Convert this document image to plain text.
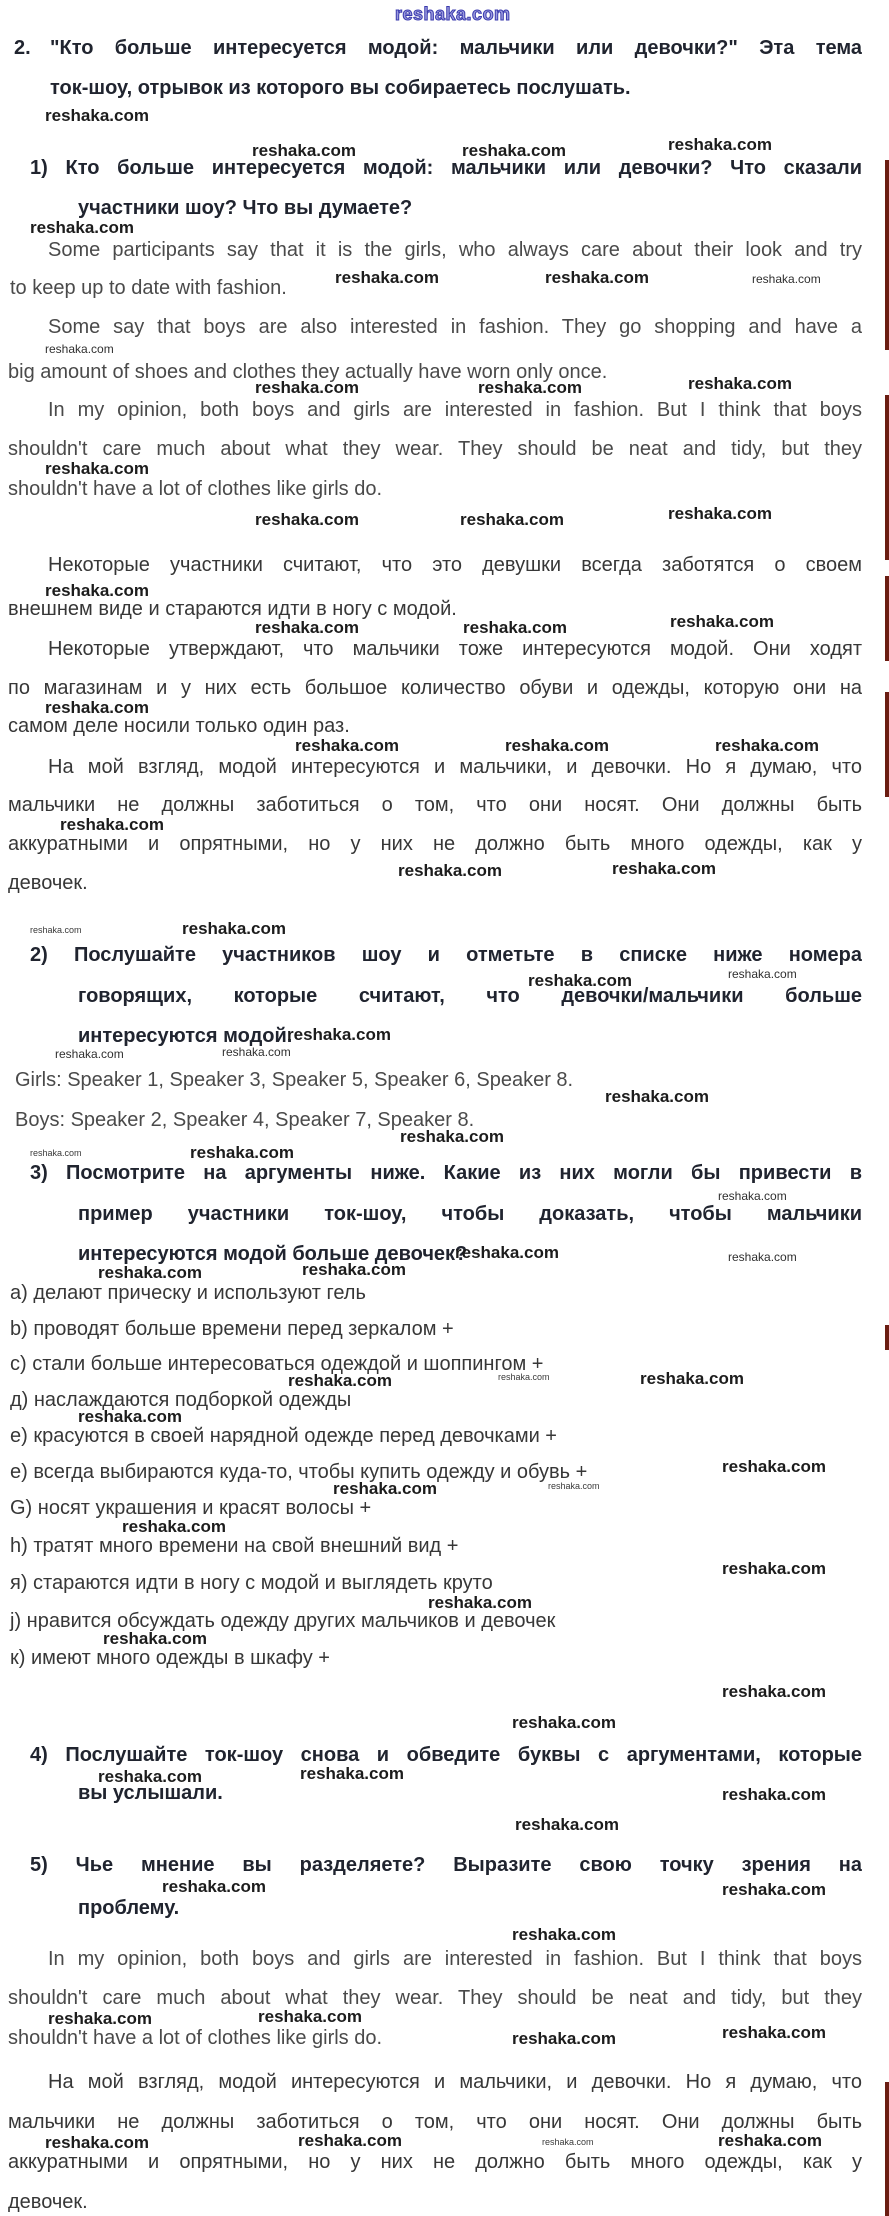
reshaka.com
2. "Кто больше интересуется модой: мальчики или девочки?" Эта тема
ток-шоу, отрывок из которого вы собираетесь послушать.
reshaka.com
reshaka.com	reshaka.com	reshaka.com
1) Кто больше интересуется модой: мальчики или девочки? Что сказали
участники шоу? Что вы думаете?
reshaka.com
Some participants say that it is the girls, who always care about their look and try
to keep up to date with fashion.	reshaka.com	reshaka.com	reshaka.com
Some say that boys are also interested in fashion. They go shopping and have a
reshaka.com
big amount of shoes and clothes they actually have worn only once.
reshaka.com	reshaka.com	reshaka.com
In my opinion, both boys and girls are interested in fashion. But I think that boys
shouldn't care much about what they wear. They should be neat and tidy, but they
reshaka.com
shouldn't have a lot of clothes like girls do.
reshaka.com	reshaka.com	reshaka.com
Некоторые участники считают, что это девушки всегда заботятся о своем
reshaka.com
внешнем виде и стараются идти в ногу с модой.
reshaka.com	reshaka.com	reshaka.com
Некоторые утверждают, что мальчики тоже интересуются модой. Они ходят
по магазинам и у них есть большое количество обуви и одежды, которую они на
reshaka.com
самом деле носили только один раз.
reshaka.com	reshaka.com	reshaka.com
На мой взгляд, модой интересуются и мальчики, и девочки. Но я думаю, что
мальчики не должны заботиться о том, что они носят. Они должны быть
reshaka.com
аккуратными и опрятными, но у них не должно быть много одежды, как у
девочек.
reshaka.com	reshaka.com
reshaka.com	reshaka.com
2) Послушайте участников шоу и отметьте в списке ниже номера
reshaka.com	reshaka.com
говорящих, которые считают, что девочки/мальчики больше
интересуются модой.
reshaka.com
reshaka.com	reshaka.com
Girls: Speaker 1, Speaker 3, Speaker 5, Speaker 6, Speaker 8.
reshaka.com
Boys: Speaker 2, Speaker 4, Speaker 7, Speaker 8.
reshaka.com
reshaka.com	reshaka.com
3) Посмотрите на аргументы ниже. Какие из них могли бы привести в
reshaka.com
пример участники ток-шоу, чтобы доказать, чтобы мальчики
интересуются модой больше девочек?
reshaka.com	reshaka.com
reshaka.com	reshaka.com
a) делают прическу и используют гель
b) проводят больше времени перед зеркалом +
c) стали больше интересоваться одеждой и шоппингом +
reshaka.com	reshaka.com	reshaka.com
д) наслаждаются подборкой одежды
reshaka.com
е) красуются в своей нарядной одежде перед девочками +
е) всегда выбираются куда-то, чтобы купить одежду и обувь +	reshaka.com
reshaka.com	reshaka.com
G) носят украшения и красят волосы +
reshaka.com
h) тратят много времени на свой внешний вид +
reshaka.com
я) стараются идти в ногу с модой и выглядеть круто
reshaka.com
j) нравится обсуждать одежду других мальчиков и девочек
reshaka.com
к) имеют много одежды в шкафу +
reshaka.com
reshaka.com
4) Послушайте ток-шоу снова и обведите буквы с аргументами, которые
reshaka.com	reshaka.com
вы услышали.	reshaka.com
reshaka.com
5) Чье мнение вы разделяете? Выразите свою точку зрения на
reshaka.com	reshaka.com
проблему.
reshaka.com
In my opinion, both boys and girls are interested in fashion. But I think that boys
shouldn't care much about what they wear. They should be neat and tidy, but they
reshaka.com	reshaka.com
reshaka.com
shouldn't have a lot of clothes like girls do.	reshaka.com
На мой взгляд, модой интересуются и мальчики, и девочки. Но я думаю, что
мальчики не должны заботиться о том, что они носят. Они должны быть
reshaka.com	reshaka.com	reshaka.com	reshaka.com
аккуратными и опрятными, но у них не должно быть много одежды, как у
девочек.
